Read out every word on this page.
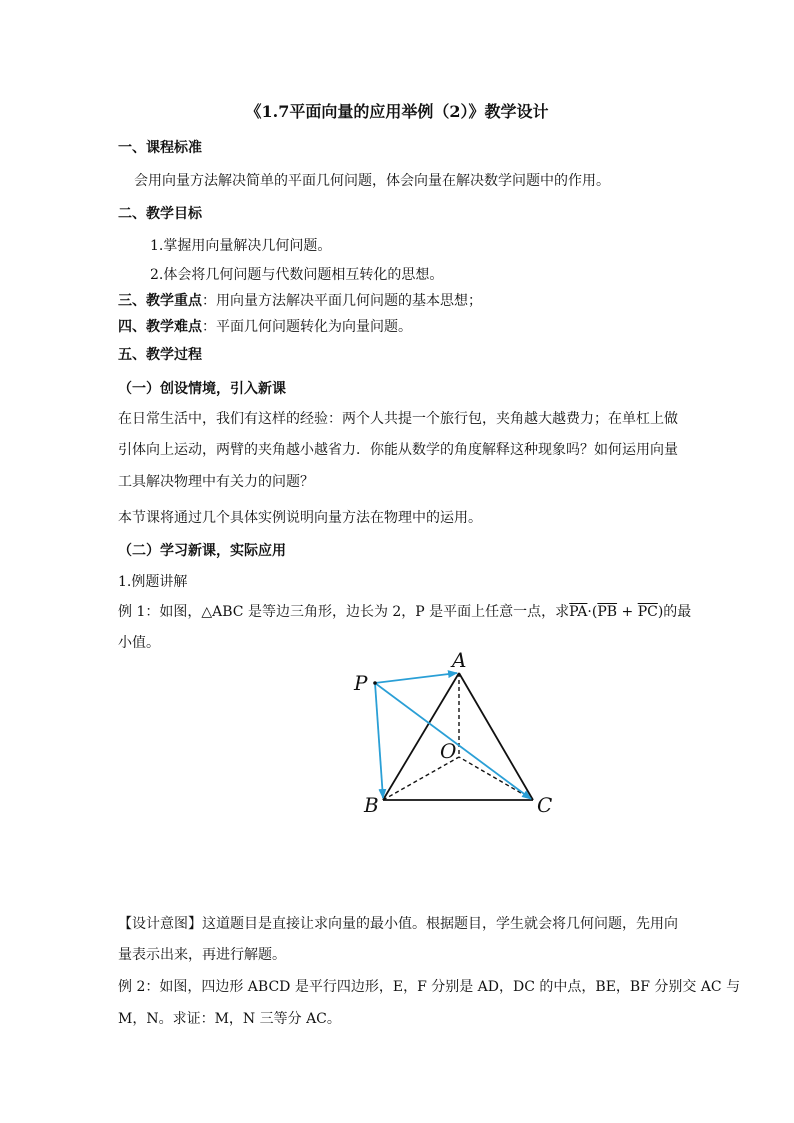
《1.7平面向量的应用举例（2）》教学设计
一、课程标准
会用向量方法解决简单的平面几何问题，体会向量在解决数学问题中的作用。
二、教学目标
1.掌握用向量解决几何问题。
2.体会将几何问题与代数问题相互转化的思想。
三、教学重点：用向量方法解决平面几何问题的基本思想；
四、教学难点：平面几何问题转化为向量问题。
五、教学过程
（一）创设情境，引入新课
在日常生活中，我们有这样的经验：两个人共提一个旅行包，夹角越大越费力；在单杠上做
引体向上运动，两臂的夹角越小越省力．你能从数学的角度解释这种现象吗？如何运用向量
工具解决物理中有关力的问题？
本节课将通过几个具体实例说明向量方法在物理中的运用。
（二）学习新课，实际应用
1.例题讲解
例 1：如图，△ABC 是等边三角形，边长为 2，P 是平面上任意一点，求$\overline{PA}\cdot(\overline{PB} + \overline{PC})$的最
小值。
A
B	C
O
P
【设计意图】这道题目是直接让求向量的最小值。根据题目，学生就会将几何问题，先用向
量表示出来，再进行解题。
例 2：如图，四边形 ABCD 是平行四边形，E，F 分别是 AD，DC 的中点，BE，BF 分别交 AC 与
M，N。求证：M，N 三等分 AC。
